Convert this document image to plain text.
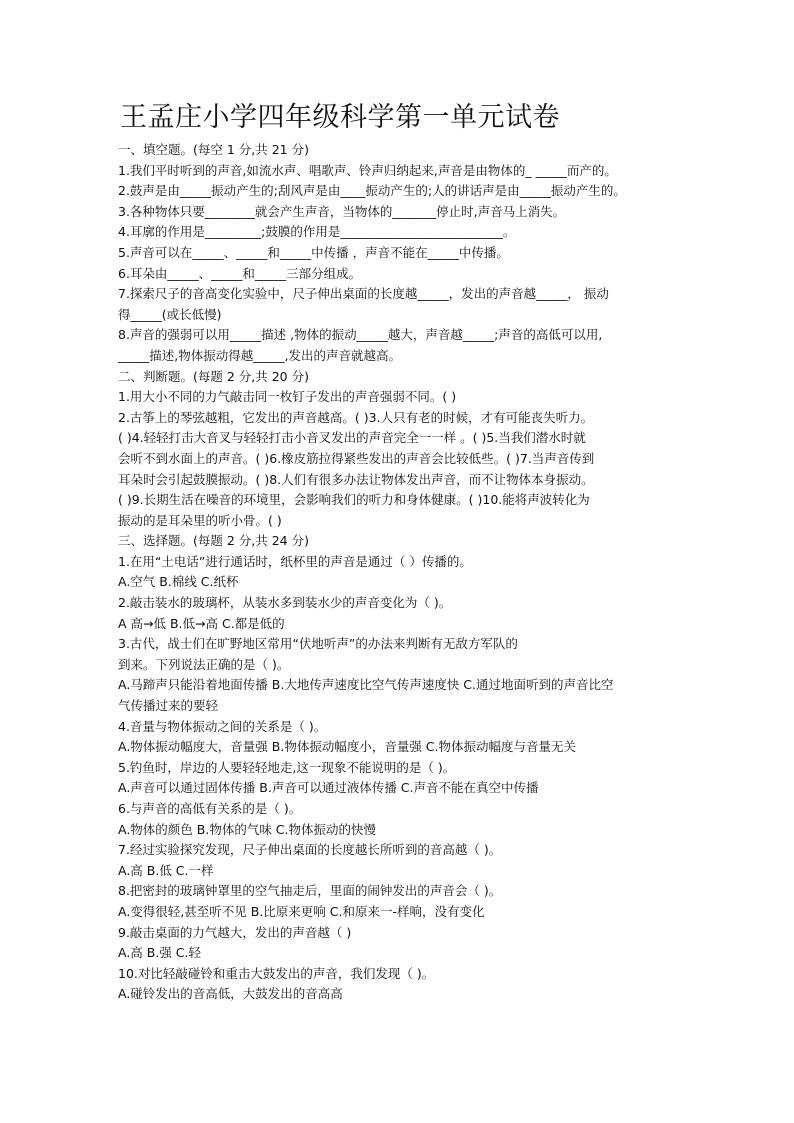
王孟庄小学四年级科学第一单元试卷
一、填空题。(每空 1 分,共 21 分)
1.我们平时听到的声音,如流水声、唱歌声、铃声归纳起来,声音是由物体的_ _____而产的。
2.鼓声是由_____振动产生的;刮风声是由____振动产生的;人的讲话声是由_____振动产生的。
3.各种物体只要________就会产生声音，当物体的_______停止时,声音马上消失。
4.耳廓的作用是_________;鼓膜的作用是__________________________。
5.声音可以在_____、_____和_____中传播 ，声音不能在_____中传播。
6.耳朵由_____、_____和_____三部分组成。
7.探索尺子的音高变化实验中，尺子伸出桌面的长度越_____，发出的声音越_____， 振动
得_____(或长低慢)
8.声音的强弱可以用_____描述 ,物体的振动_____越大，声音越_____;声音的高低可以用,
_____描述,物体振动得越_____,发出的声音就越高。
二、判断题。(每题 2 分,共 20 分)
1.用大小不同的力气敲击同一枚钉子发出的声音强弱不同。( )
2.古筝上的琴弦越粗，它发出的声音越高。( )3.人只有老的时候，才有可能丧失听力。
( )4.轻轻打击大音叉与轻轻打击小音叉发出的声音完全一一样 。( )5.当我们潜水时就
会听不到水面上的声音。( )6.橡皮筋拉得紧些发出的声音会比较低些。( )7.当声音传到
耳朵时会引起鼓膜振动。( )8.人们有很多办法让物体发出声音，而不让物体本身振动。
( )9.长期生活在噪音的环境里，会影响我们的听力和身体健康。( )10.能将声波转化为
振动的是耳朵里的听小骨。( )
三、选择题。(每题 2 分,共 24 分)
1.在用“土电话”进行通话时，纸杯里的声音是通过（ ）传播的。
A.空气 B.棉线 C.纸杯
2.敲击装水的玻璃杯，从装水多到装水少的声音变化为（ )。
A 高→低 B.低→高 C.都是低的
3.古代，战士们在旷野地区常用“伏地听声”的办法来判断有无敌方军队的
到来。下列说法正确的是（ )。
A.马蹄声只能沿着地面传播 B.大地传声速度比空气传声速度快 C.通过地面听到的声音比空
气传播过来的要轻
4.音量与物体振动之间的关系是（ )。
A.物体振动幅度大，音量强 B.物体振动幅度小，音量强 C.物体振动幅度与音量无关
5.钓鱼时，岸边的人要轻轻地走,这一现象不能说明的是（ )。
A.声音可以通过固体传播 B.声音可以通过液体传播 C.声音不能在真空中传播
6.与声音的高低有关系的是（ )。
A.物体的颜色 B.物体的气味 C.物体振动的快慢
7.经过实验探究发现，尺子伸出桌面的长度越长所听到的音高越（ )。
A.高 B.低 C.一样
8.把密封的玻璃钟罩里的空气抽走后，里面的闹钟发出的声音会（ )。
A.变得很轻,甚至听不见 B.比原来更响 C.和原来一-样响，没有变化
9.敲击桌面的力气越大，发出的声音越（ )
A.高 B.强 C.轻
10.对比轻敲碰铃和重击大鼓发出的声音，我们发现（ )。
A.碰铃发出的音高低，大鼓发出的音高高
